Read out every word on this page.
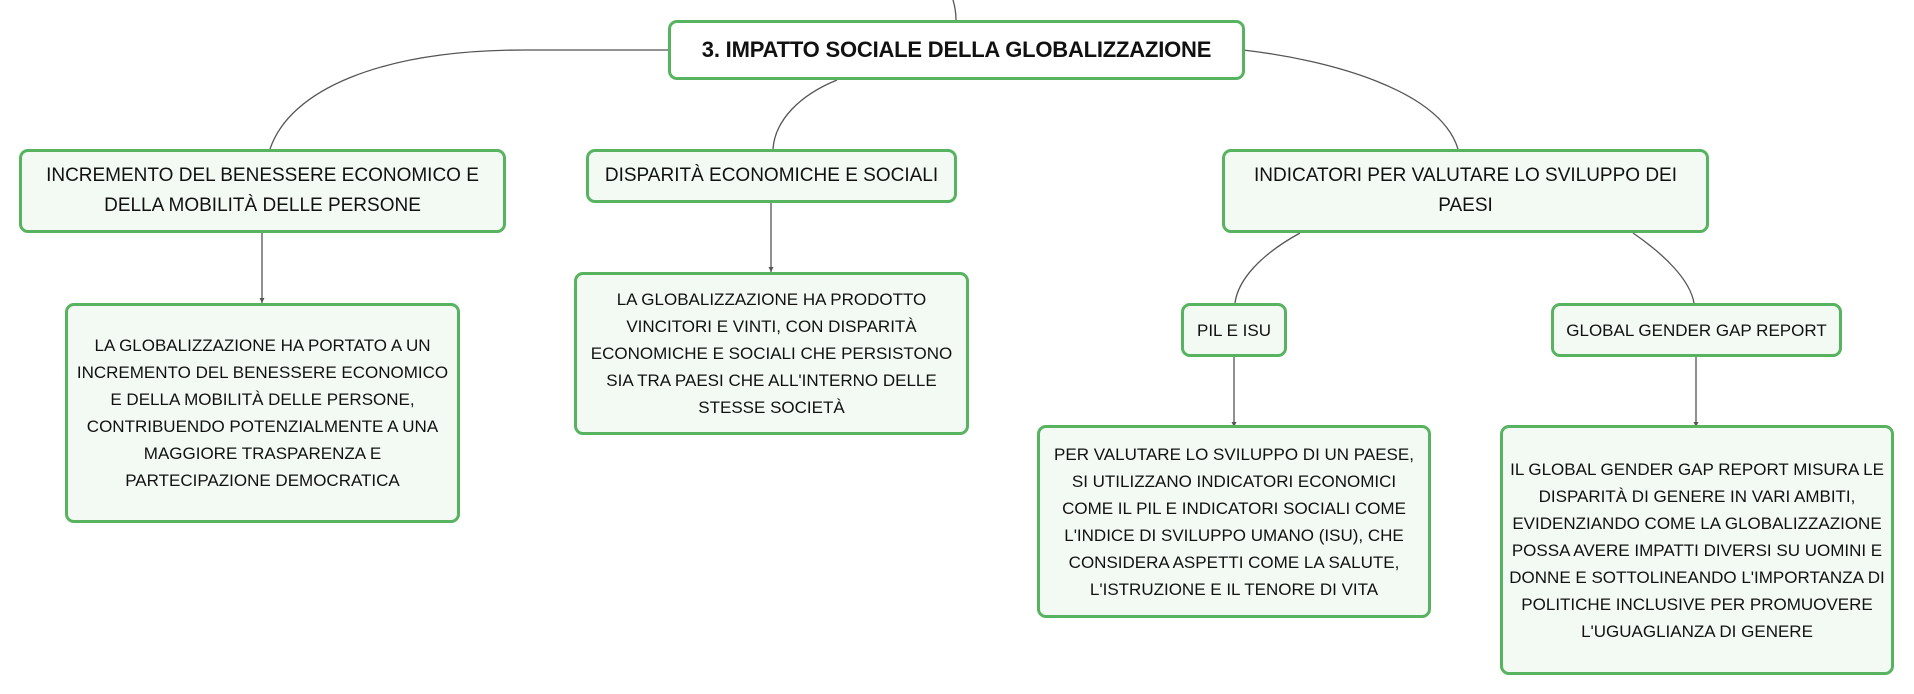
3. IMPATTO SOCIALE DELLA GLOBALIZZAZIONE
INCREMENTO DEL BENESSERE ECONOMICO E DELLA MOBILITÀ DELLE PERSONE
DISPARITÀ ECONOMICHE E SOCIALI	INDICATORI PER VALUTARE LO SVILUPPO DEI PAESI
LA GLOBALIZZAZIONE HA PORTATO A UN INCREMENTO DEL BENESSERE ECONOMICO E DELLA MOBILITÀ DELLE PERSONE, CONTRIBUENDO POTENZIALMENTE A UNA MAGGIORE TRASPARENZA E PARTECIPAZIONE DEMOCRATICA
LA GLOBALIZZAZIONE HA PRODOTTO VINCITORI E VINTI, CON DISPARITÀ ECONOMICHE E SOCIALI CHE PERSISTONO SIA TRA PAESI CHE ALL'INTERNO DELLE STESSE SOCIETÀ
PIL E ISU	GLOBAL GENDER GAP REPORT
PER VALUTARE LO SVILUPPO DI UN PAESE, SI UTILIZZANO INDICATORI ECONOMICI COME IL PIL E INDICATORI SOCIALI COME L'INDICE DI SVILUPPO UMANO (ISU), CHE CONSIDERA ASPETTI COME LA SALUTE, L'ISTRUZIONE E IL TENORE DI VITA
IL GLOBAL GENDER GAP REPORT MISURA LE DISPARITÀ DI GENERE IN VARI AMBITI, EVIDENZIANDO COME LA GLOBALIZZAZIONE POSSA AVERE IMPATTI DIVERSI SU UOMINI E DONNE E SOTTOLINEANDO L'IMPORTANZA DI POLITICHE INCLUSIVE PER PROMUOVERE L'UGUAGLIANZA DI GENERE
